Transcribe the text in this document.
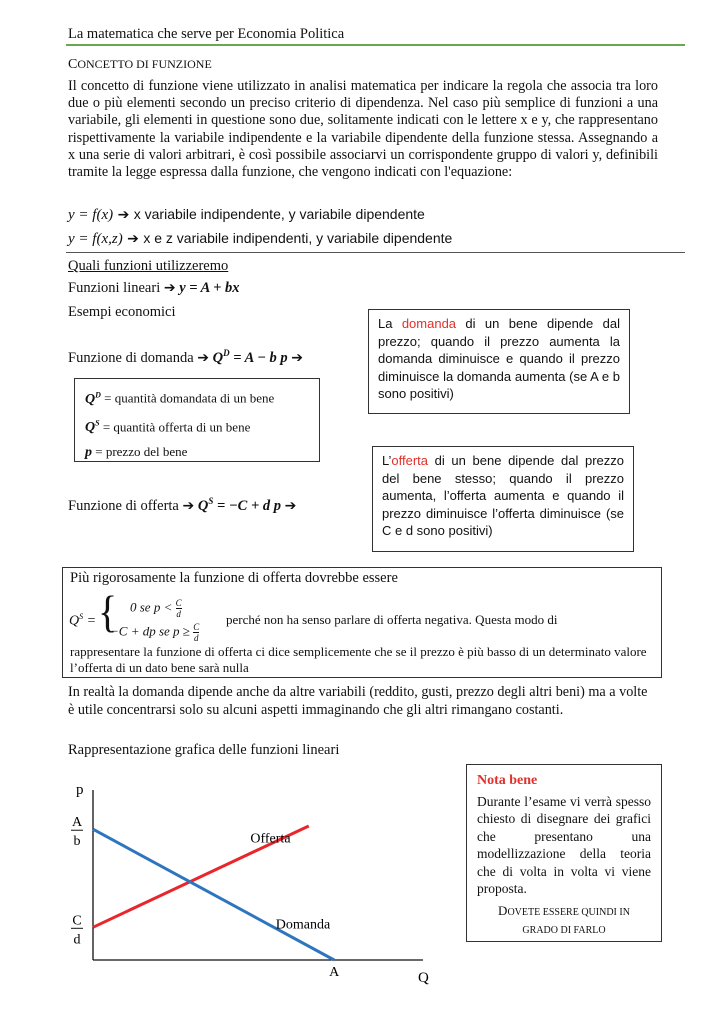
La matematica che serve per Economia Politica
CONCETTO DI FUNZIONE
Il concetto di funzione viene utilizzato in analisi matematica per indicare la regola che associa tra loro due o più elementi secondo un preciso criterio di dipendenza. Nel caso più semplice di funzioni a una variabile, gli elementi in questione sono due, solitamente indicati con le lettere x e y, che rappresentano rispettivamente la variabile indipendente e la variabile dipendente della funzione stessa. Assegnando a x una serie di valori arbitrari, è così possibile associarvi un corrispondente gruppo di valori y, definibili tramite la legge espressa dalla funzione, che vengono indicati con l'equazione:
y = f(x) ➔ x variabile indipendente, y variabile dipendente
y = f(x,z) ➔ x e z variabile indipendenti, y variabile dipendente
Quali funzioni utilizzeremo
Funzioni lineari ➔ y = A + bx
Esempi economici
La domanda di un bene dipende dal prezzo; quando il prezzo aumenta la domanda diminuisce e quando il prezzo diminuisce la domanda aumenta (se A e b sono positivi)
Funzione di domanda ➔ $Q^D = A - b$ p ➔
$Q^D$ = quantità domandata di un bene
$Q^S$ = quantità offerta di un bene
p = prezzo del bene
L’offerta di un bene dipende dal prezzo del bene stesso; quando il prezzo aumenta, l’offerta aumenta e quando il prezzo diminuisce l’offerta diminuisce (se C e d sono positivi)
Funzione di offerta ➔ $Q^S = -C + d$ p ➔
Più rigorosamente la funzione di offerta dovrebbe essere
$Q^S$ = { 0 se $p < \frac{C}{d}$
−C + dp se $p \ge \frac{C}{d}$
perché non ha senso parlare di offerta negativa. Questa modo di
rappresentare la funzione di offerta ci dice semplicemente che se il prezzo è più basso di un determinato valore l’offerta di un dato bene sarà nulla
In realtà la domanda dipende anche da altre variabili (reddito, gusti, prezzo degli altri beni) ma a volte è utile concentrarsi solo su alcuni aspetti immaginando che gli altri rimangano costanti.
Rappresentazione grafica delle funzioni lineari
p
Q
Offerta
Domanda
A
b
C
d
A
Nota bene
Durante l’esame vi verrà spesso chiesto di disegnare dei grafici che presentano una modellizzazione della teoria che di volta in volta vi viene proposta.
DOVETE ESSERE QUINDI IN
GRADO DI FARLO
